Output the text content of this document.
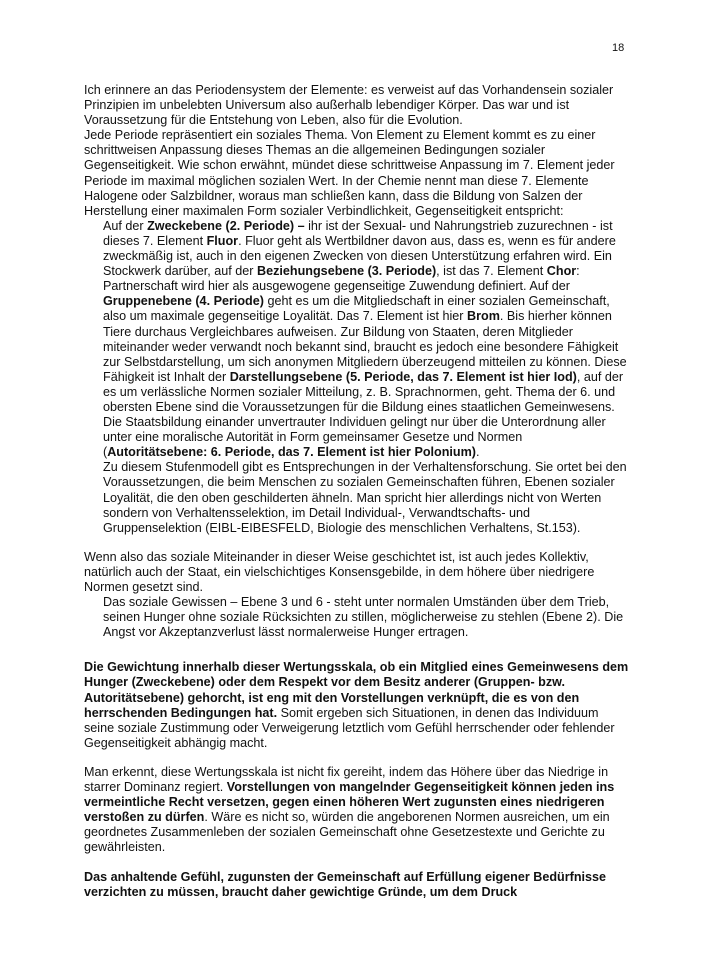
18

Ich erinnere an das Periodensystem der Elemente: es verweist auf das Vorhandensein sozialer Prinzipien im unbelebten Universum also außerhalb lebendiger Körper. Das war und ist Voraussetzung für die Entstehung von Leben, also für die Evolution.

Jede Periode repräsentiert ein soziales Thema. Von Element zu Element kommt es zu einer schrittweisen Anpassung dieses Themas an die allgemeinen Bedingungen sozialer Gegenseitigkeit. Wie schon erwähnt, mündet diese schrittweise Anpassung im 7. Element jeder Periode im maximal möglichen sozialen Wert. In der Chemie nennt man diese 7. Elemente Halogene oder Salzbildner, woraus man schließen kann, dass die Bildung von Salzen der Herstellung einer maximalen Form sozialer Verbindlichkeit, Gegenseitigkeit entspricht:

Auf der Zweckebene (2. Periode) – ihr ist der Sexual- und Nahrungstrieb zuzurechnen - ist dieses 7. Element Fluor. Fluor geht als Wertbildner davon aus, dass es, wenn es für andere zweckmäßig ist, auch in den eigenen Zwecken von diesen Unterstützung erfahren wird. Ein Stockwerk darüber, auf der Beziehungsebene (3. Periode), ist das 7. Element Chor: Partnerschaft wird hier als ausgewogene gegenseitige Zuwendung definiert. Auf der Gruppenebene (4. Periode) geht es um die Mitgliedschaft in einer sozialen Gemeinschaft, also um maximale gegenseitige Loyalität. Das 7. Element ist hier Brom. Bis hierher können Tiere durchaus Vergleichbares aufweisen. Zur Bildung von Staaten, deren Mitglieder miteinander weder verwandt noch bekannt sind, braucht es jedoch eine besondere Fähigkeit zur Selbstdarstellung, um sich anonymen Mitgliedern überzeugend mitteilen zu können. Diese Fähigkeit ist Inhalt der Darstellungsebene (5. Periode, das 7. Element ist hier Iod), auf der es um verlässliche Normen sozialer Mitteilung, z. B. Sprachnormen, geht. Thema der 6. und obersten Ebene sind die Voraussetzungen für die Bildung eines staatlichen Gemeinwesens. Die Staatsbildung einander unvertrauter Individuen gelingt nur über die Unterordnung aller unter eine moralische Autorität in Form gemeinsamer Gesetze und Normen (Autoritätsebene: 6. Periode, das 7. Element ist hier Polonium).

Zu diesem Stufenmodell gibt es Entsprechungen in der Verhaltensforschung. Sie ortet bei den Voraussetzungen, die beim Menschen zu sozialen Gemeinschaften führen, Ebenen sozialer Loyalität, die den oben geschilderten ähneln. Man spricht hier allerdings nicht von Werten sondern von Verhaltensselektion, im Detail Individual-, Verwandtschafts- und Gruppenselektion (EIBL-EIBESFELD, Biologie des menschlichen Verhaltens, St.153).

Wenn also das soziale Miteinander in dieser Weise geschichtet ist, ist auch jedes Kollektiv, natürlich auch der Staat, ein vielschichtiges Konsensgebilde, in dem höhere über niedrigere Normen gesetzt sind.

Das soziale Gewissen – Ebene 3 und 6 - steht unter normalen Umständen über dem Trieb, seinen Hunger ohne soziale Rücksichten zu stillen, möglicherweise zu stehlen (Ebene 2). Die Angst vor Akzeptanzverlust lässt normalerweise Hunger ertragen.

Die Gewichtung innerhalb dieser Wertungsskala, ob ein Mitglied eines Gemeinwesens dem Hunger (Zweckebene) oder dem Respekt vor dem Besitz anderer (Gruppen- bzw. Autoritätsebene) gehorcht, ist eng mit den Vorstellungen verknüpft, die es von den herrschenden Bedingungen hat. Somit ergeben sich Situationen, in denen das Individuum seine soziale Zustimmung oder Verweigerung letztlich vom Gefühl herrschender oder fehlender Gegenseitigkeit abhängig macht.

Man erkennt, diese Wertungsskala ist nicht fix gereiht, indem das Höhere über das Niedrige in starrer Dominanz regiert. Vorstellungen von mangelnder Gegenseitigkeit können jeden ins vermeintliche Recht versetzen, gegen einen höheren Wert zugunsten eines niedrigeren verstoßen zu dürfen. Wäre es nicht so, würden die angeborenen Normen ausreichen, um ein geordnetes Zusammenleben der sozialen Gemeinschaft ohne Gesetzestexte und Gerichte zu gewährleisten.

Das anhaltende Gefühl, zugunsten der Gemeinschaft auf Erfüllung eigener Bedürfnisse verzichten zu müssen, braucht daher gewichtige Gründe, um dem Druck
